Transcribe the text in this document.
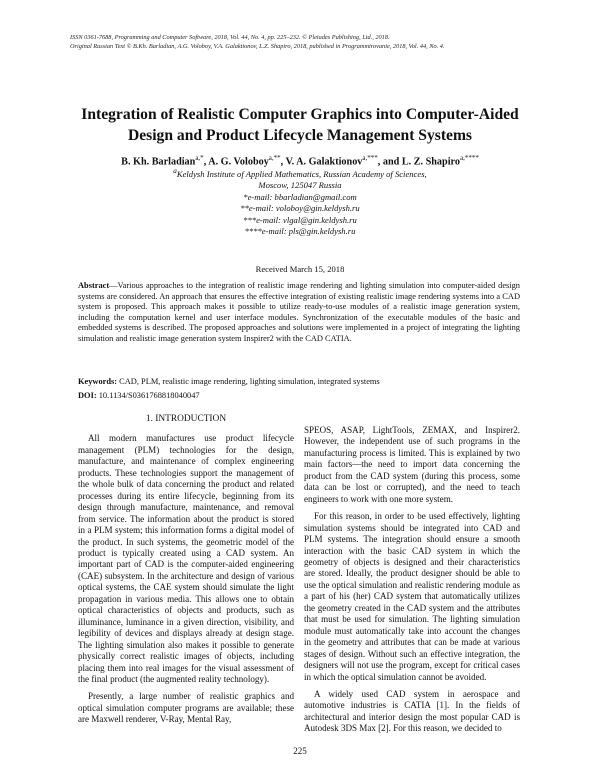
ISSN 0361-7688, Programming and Computer Software, 2018, Vol. 44, No. 4, pp. 225–232. © Pleiades Publishing, Ltd., 2018.
Original Russian Text © B.Kh. Barladian, A.G. Voloboy, V.A. Galaktionov, L.Z. Shapiro, 2018, published in Programmirovanie, 2018, Vol. 44, No. 4.
Integration of Realistic Computer Graphics into Computer-Aided Design and Product Lifecycle Management Systems
B. Kh. Barladian$^{a,*}$, A. G. Voloboy$^{a,**}$, V. A. Galaktionov$^{a,***}$, and L. Z. Shapiro$^{a,****}$
$^a$Keldysh Institute of Applied Mathematics, Russian Academy of Sciences,
Moscow, 125047 Russia
*e-mail: bbarladian@gmail.com
**e-mail: voloboy@gin.keldysh.ru
***e-mail: vlgal@gin.keldysh.ru
****e-mail: pls@gin.keldysh.ru
Received March 15, 2018

Abstract—Various approaches to the integration of realistic image rendering and lighting simulation into computer-aided design systems are considered. An approach that ensures the effective integration of existing realistic image rendering systems into a CAD system is proposed. This approach makes it possible to utilize ready-to-use modules of a realistic image generation system, including the computation kernel and user interface modules. Synchronization of the executable modules of the basic and embedded systems is described. The proposed approaches and solutions were implemented in a project of integrating the lighting simulation and realistic image generation system Inspirer2 with the CAD CATIA.

Keywords: CAD, PLM, realistic image rendering, lighting simulation, integrated systems
DOI: 10.1134/S0361768818040047
1. INTRODUCTION

All modern manufactures use product lifecycle management (PLM) technologies for the design, manufacture, and maintenance of complex engineering products. These technologies support the management of the whole bulk of data concerning the product and related processes during its entire lifecycle, beginning from its design through manufacture, maintenance, and removal from service. The information about the product is stored in a PLM system; this information forms a digital model of the product. In such systems, the geometric model of the product is typically created using a CAD system. An important part of CAD is the computer-aided engineering (CAE) subsystem. In the architecture and design of various optical systems, the CAE system should simulate the light propagation in various media. This allows one to obtain optical characteristics of objects and products, such as illuminance, luminance in a given direction, visibility, and legibility of devices and displays already at design stage. The lighting simulation also makes it possible to generate physically correct realistic images of objects, including placing them into real images for the visual assessment of the final product (the augmented reality technology).

Presently, a large number of realistic graphics and optical simulation computer programs are available; these are Maxwell renderer, V-Ray, Mental Ray,

SPEOS, ASAP, LightTools, ZEMAX, and Inspirer2. However, the independent use of such programs in the manufacturing process is limited. This is explained by two main factors—the need to import data concerning the product from the CAD system (during this process, some data can be lost or corrupted), and the need to teach engineers to work with one more system.

For this reason, in order to be used effectively, lighting simulation systems should be integrated into CAD and PLM systems. The integration should ensure a smooth interaction with the basic CAD system in which the geometry of objects is designed and their characteristics are stored. Ideally, the product designer should be able to use the optical simulation and realistic rendering module as a part of his (her) CAD system that automatically utilizes the geometry created in the CAD system and the attributes that must be used for simulation. The lighting simulation module must automatically take into account the changes in the geometry and attributes that can be made at various stages of design. Without such an effective integration, the designers will not use the program, except for critical cases in which the optical simulation cannot be avoided.

A widely used CAD system in aerospace and automotive industries is CATIA [1]. In the fields of architectural and interior design the most popular CAD is Autodesk 3DS Max [2]. For this reason, we decided to

225
